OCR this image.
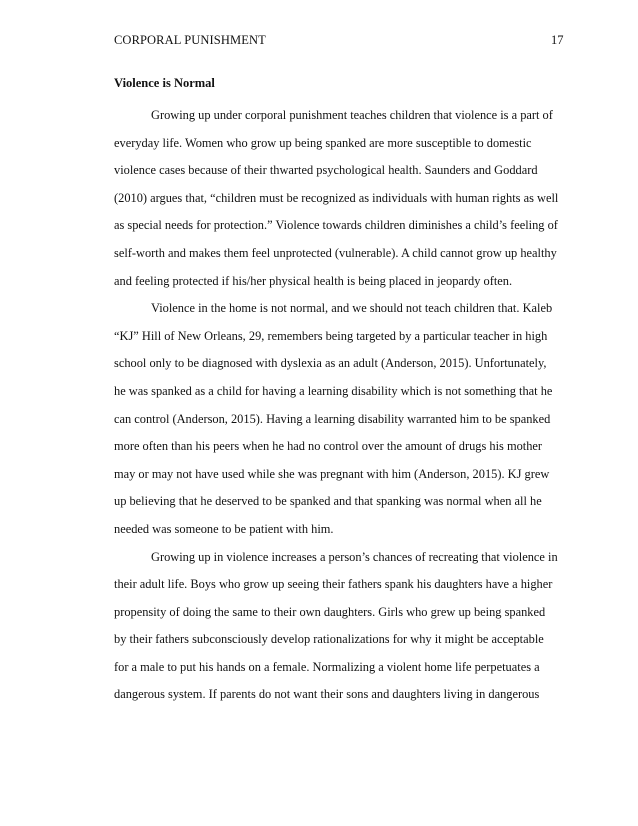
CORPORAL PUNISHMENT	17
Violence is Normal
Growing up under corporal punishment teaches children that violence is a part of
everyday life. Women who grow up being spanked are more susceptible to domestic
violence cases because of their thwarted psychological health. Saunders and Goddard
(2010) argues that, “children must be recognized as individuals with human rights as well
as special needs for protection.” Violence towards children diminishes a child’s feeling of
self-worth and makes them feel unprotected (vulnerable). A child cannot grow up healthy
and feeling protected if his/her physical health is being placed in jeopardy often.
Violence in the home is not normal, and we should not teach children that. Kaleb
“KJ” Hill of New Orleans, 29, remembers being targeted by a particular teacher in high
school only to be diagnosed with dyslexia as an adult (Anderson, 2015). Unfortunately,
he was spanked as a child for having a learning disability which is not something that he
can control (Anderson, 2015). Having a learning disability warranted him to be spanked
more often than his peers when he had no control over the amount of drugs his mother
may or may not have used while she was pregnant with him (Anderson, 2015). KJ grew
up believing that he deserved to be spanked and that spanking was normal when all he
needed was someone to be patient with him.
Growing up in violence increases a person’s chances of recreating that violence in
their adult life. Boys who grow up seeing their fathers spank his daughters have a higher
propensity of doing the same to their own daughters. Girls who grew up being spanked
by their fathers subconsciously develop rationalizations for why it might be acceptable
for a male to put his hands on a female. Normalizing a violent home life perpetuates a
dangerous system. If parents do not want their sons and daughters living in dangerous
